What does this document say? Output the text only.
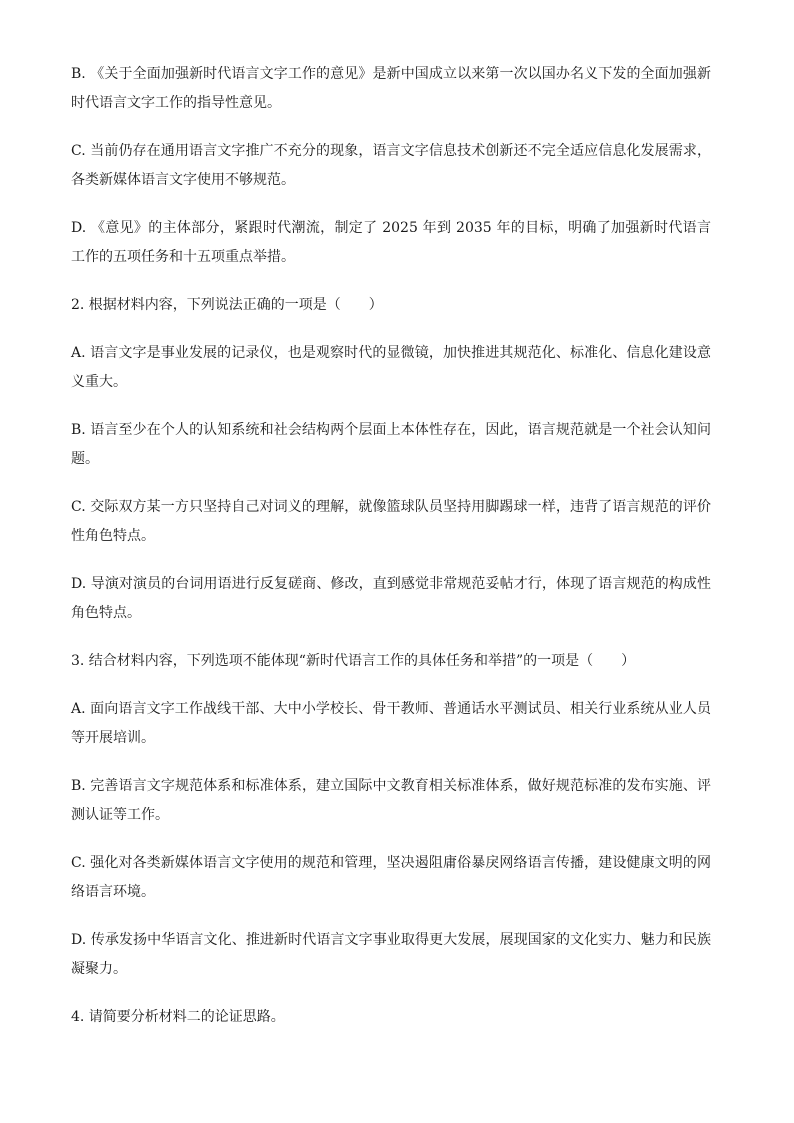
B. 《关于全面加强新时代语言文字工作的意见》是新中国成立以来第一次以国办名义下发的全面加强新时代语言文字工作的指导性意见。

C. 当前仍存在通用语言文字推广不充分的现象，语言文字信息技术创新还不完全适应信息化发展需求，各类新媒体语言文字使用不够规范。

D. 《意见》的主体部分，紧跟时代潮流，制定了 2025 年到 2035 年的目标，明确了加强新时代语言工作的五项任务和十五项重点举措。

2. 根据材料内容，下列说法正确的一项是（　　）

A. 语言文字是事业发展的记录仪，也是观察时代的显微镜，加快推进其规范化、标准化、信息化建设意义重大。

B. 语言至少在个人的认知系统和社会结构两个层面上本体性存在，因此，语言规范就是一个社会认知问题。

C. 交际双方某一方只坚持自己对词义的理解，就像篮球队员坚持用脚踢球一样，违背了语言规范的评价性角色特点。

D. 导演对演员的台词用语进行反复磋商、修改，直到感觉非常规范妥帖才行，体现了语言规范的构成性角色特点。

3. 结合材料内容，下列选项不能体现“新时代语言工作的具体任务和举措”的一项是（　　）

A. 面向语言文字工作战线干部、大中小学校长、骨干教师、普通话水平测试员、相关行业系统从业人员等开展培训。

B. 完善语言文字规范体系和标准体系，建立国际中文教育相关标准体系，做好规范标准的发布实施、评测认证等工作。

C. 强化对各类新媒体语言文字使用的规范和管理，坚决遏阻庸俗暴戾网络语言传播，建设健康文明的网络语言环境。

D. 传承发扬中华语言文化、推进新时代语言文字事业取得更大发展，展现国家的文化实力、魅力和民族凝聚力。

4. 请简要分析材料二的论证思路。
